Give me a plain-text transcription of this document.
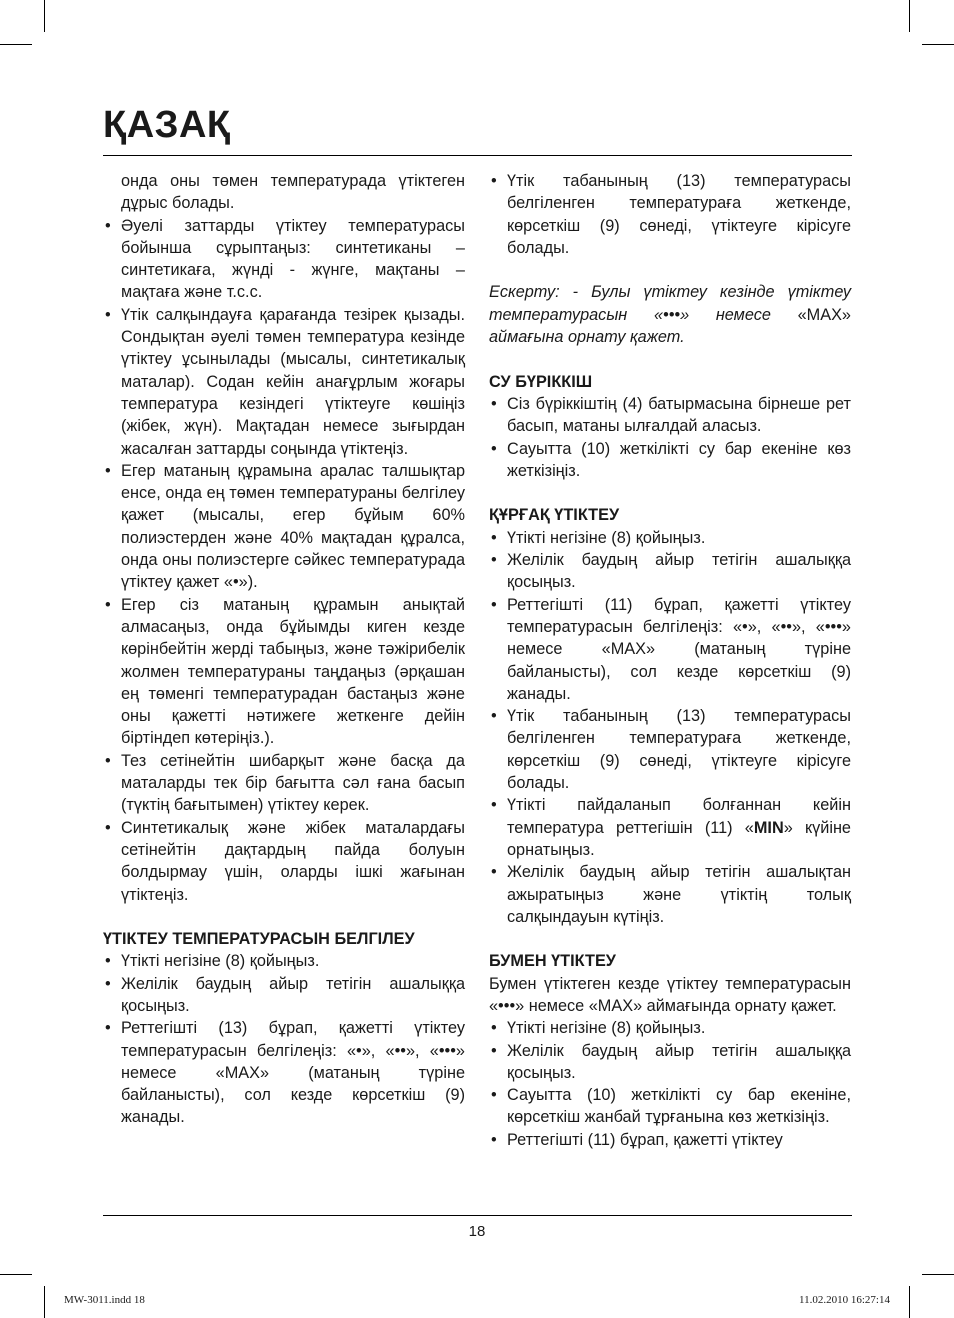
ҚАЗАҚ

онда оны төмен температурада үтіктеген дұрыс болады.

• Әуелі заттарды үтіктеу температурасы бойынша сұрыптаңыз: синтетиканы – синтетикаға, жүнді - жүнге, мақтаны – мақтаға және т.с.с.
• Үтік салқындауға қарағанда тезірек қызады. Сондықтан әуелі төмен температура кезінде үтіктеу ұсынылады (мысалы, синтетикалық маталар). Содан кейін анағұрлым жоғары температура кезіндегі үтіктеуге көшіңіз (жібек, жүн). Мақтадан немесе зығырдан жасалған заттарды соңында үтіктеңіз.
• Егер матаның құрамына аралас талшықтар енсе, онда ең төмен температураны белгілеу қажет (мысалы, егер бұйым 60% полиэстерден және 40% мақтадан құралса, онда оны полиэстерге сәйкес температурада үтіктеу қажет «•»).
• Егер сіз матаның құрамын анықтай алмасаңыз, онда бұйымды киген кезде көрінбейтін жерді табыңыз, және тәжірибелік жолмен температураны таңдаңыз (әрқашан ең төменгі температурадан бастаңыз және оны қажетті нәтижеге жеткенге дейін біртіндеп көтеріңіз.).
• Тез сетінейтін шибарқыт және басқа да маталарды тек бір бағытта сәл ғана басып (түктің бағытымен) үтіктеу керек.
• Синтетикалық және жібек маталардағы сетінейтін дақтардың пайда болуын болдырмау үшін, оларды ішкі жағынан үтіктеңіз.

ҮТІКТЕУ ТЕМПЕРАТУРАСЫН БЕЛГІЛЕУ

• Үтікті негізіне (8) қойыңыз.
• Желілік баудың айыр тетігін ашалыққа қосыңыз.
• Реттегішті (13) бұрап, қажетті үтіктеу температурасын белгілеңіз: «•», «••», «•••» немесе «MAX» (матаның түріне байланысты), сол кезде көрсеткіш (9) жанады.
• Үтік табанының (13) температурасы белгіленген температураға жеткенде, көрсеткіш (9) сөнеді, үтіктеуге кірісуге болады.

Ескерту: - Булы үтіктеу кезінде үтіктеу температурасын «•••» немесе «MAX» аймағына орнату қажет.

СУ БҮРІККІШ

• Сіз бүріккіштің (4) батырмасына бірнеше рет басып, матаны ылғалдай аласыз.
• Сауытта (10) жеткілікті су бар екеніне көз жеткізіңіз.

ҚҰРҒАҚ ҮТІКТЕУ

• Үтікті негізіне (8) қойыңыз.
• Желілік баудың айыр тетігін ашалыққа қосыңыз.
• Реттегішті (11) бұрап, қажетті үтіктеу температурасын белгілеңіз: «•», «••», «•••» немесе «MAX» (матаның түріне байланысты), сол кезде көрсеткіш (9) жанады.
• Үтік табанының (13) температурасы белгіленген температураға жеткенде, көрсеткіш (9) сөнеді, үтіктеуге кірісуге болады.
• Үтікті пайдаланып болғаннан кейін температура реттегішін (11) «MIN» күйіне орнатыңыз.
• Желілік баудың айыр тетігін ашалықтан ажыратыңыз және үтіктің толық салқындауын күтіңіз.

БУМЕН ҮТІКТЕУ

Бумен үтіктеген кезде үтіктеу температурасын «•••» немесе «MAX» аймағында орнату қажет.

• Үтікті негізіне (8) қойыңыз.
• Желілік баудың айыр тетігін ашалыққа қосыңыз.
• Сауытта (10) жеткілікті су бар екеніне, көрсеткіш жанбай тұрғанына көз жеткізіңіз.
• Реттегішті (11) бұрап, қажетті үтіктеу
18
MW-3011.indd 18	11.02.2010 16:27:14
